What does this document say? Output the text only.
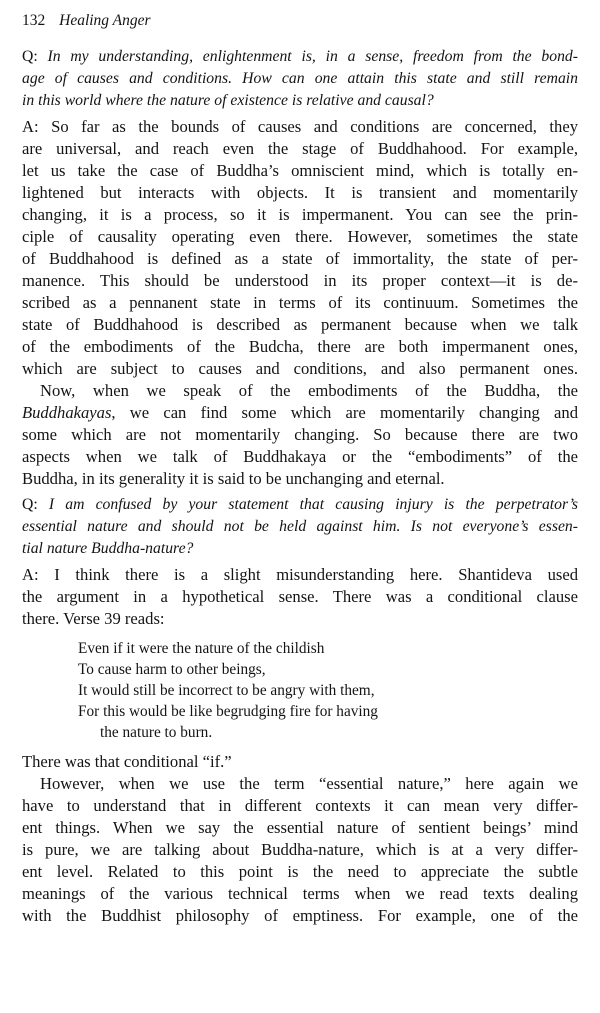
132 Healing Anger
Q: In my understanding, enlightenment is, in a sense, freedom from the bond-
age of causes and conditions. How can one attain this state and still remain
in this world where the nature of existence is relative and causal?
A: So far as the bounds of causes and conditions are concerned, they
are universal, and reach even the stage of Buddhahood. For example,
let us take the case of Buddha’s omniscient mind, which is totally en-
lightened but interacts with objects. It is transient and momentarily
changing, it is a process, so it is impermanent. You can see the prin-
ciple of causality operating even there. However, sometimes the state
of Buddhahood is defined as a state of immortality, the state of per-
manence. This should be understood in its proper context—it is de-
scribed as a pennanent state in terms of its continuum. Sometimes the
state of Buddhahood is described as permanent because when we talk
of the embodiments of the Budcha, there are both impermanent ones,
which are subject to causes and conditions, and also permanent ones.
Now, when we speak of the embodiments of the Buddha, the
Buddhakayas, we can find some which are momentarily changing and
some which are not momentarily changing. So because there are two
aspects when we talk of Buddhakaya or the “embodiments” of the
Buddha, in its generality it is said to be unchanging and eternal.
Q: I am confused by your statement that causing injury is the perpetrator’s
essential nature and should not be held against him. Is not everyone’s essen-
tial nature Buddha-nature?
A: I think there is a slight misunderstanding here. Shantideva used
the argument in a hypothetical sense. There was a conditional clause
there. Verse 39 reads:
Even if it were the nature of the childish
To cause harm to other beings,
It would still be incorrect to be angry with them,
For this would be like begrudging fire for having
the nature to burn.
There was that conditional “if.”
However, when we use the term “essential nature,” here again we
have to understand that in different contexts it can mean very differ-
ent things. When we say the essential nature of sentient beings’ mind
is pure, we are talking about Buddha-nature, which is at a very differ-
ent level. Related to this point is the need to appreciate the subtle
meanings of the various technical terms when we read texts dealing
with the Buddhist philosophy of emptiness. For example, one of the
